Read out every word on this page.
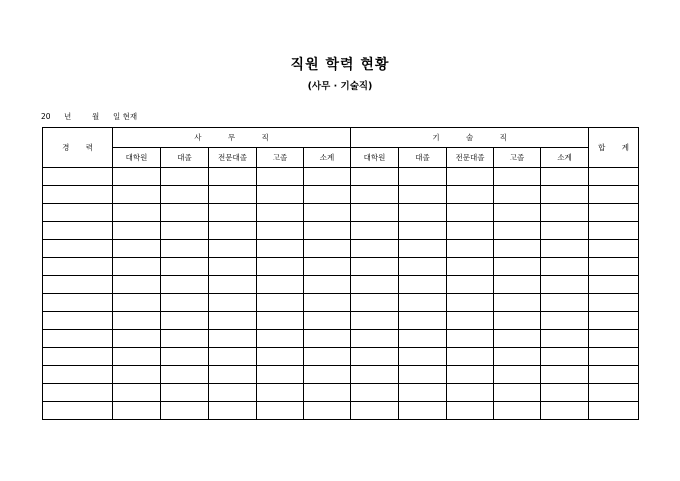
직원 학력 현황
(사무 · 기술직)
20 년	월 일 현재
경 력	사 무 직					기 술 직					합 계
	대학원	대졸	전문대졸	고졸	소계	대학원	대졸	전문대졸	고졸	소계	
